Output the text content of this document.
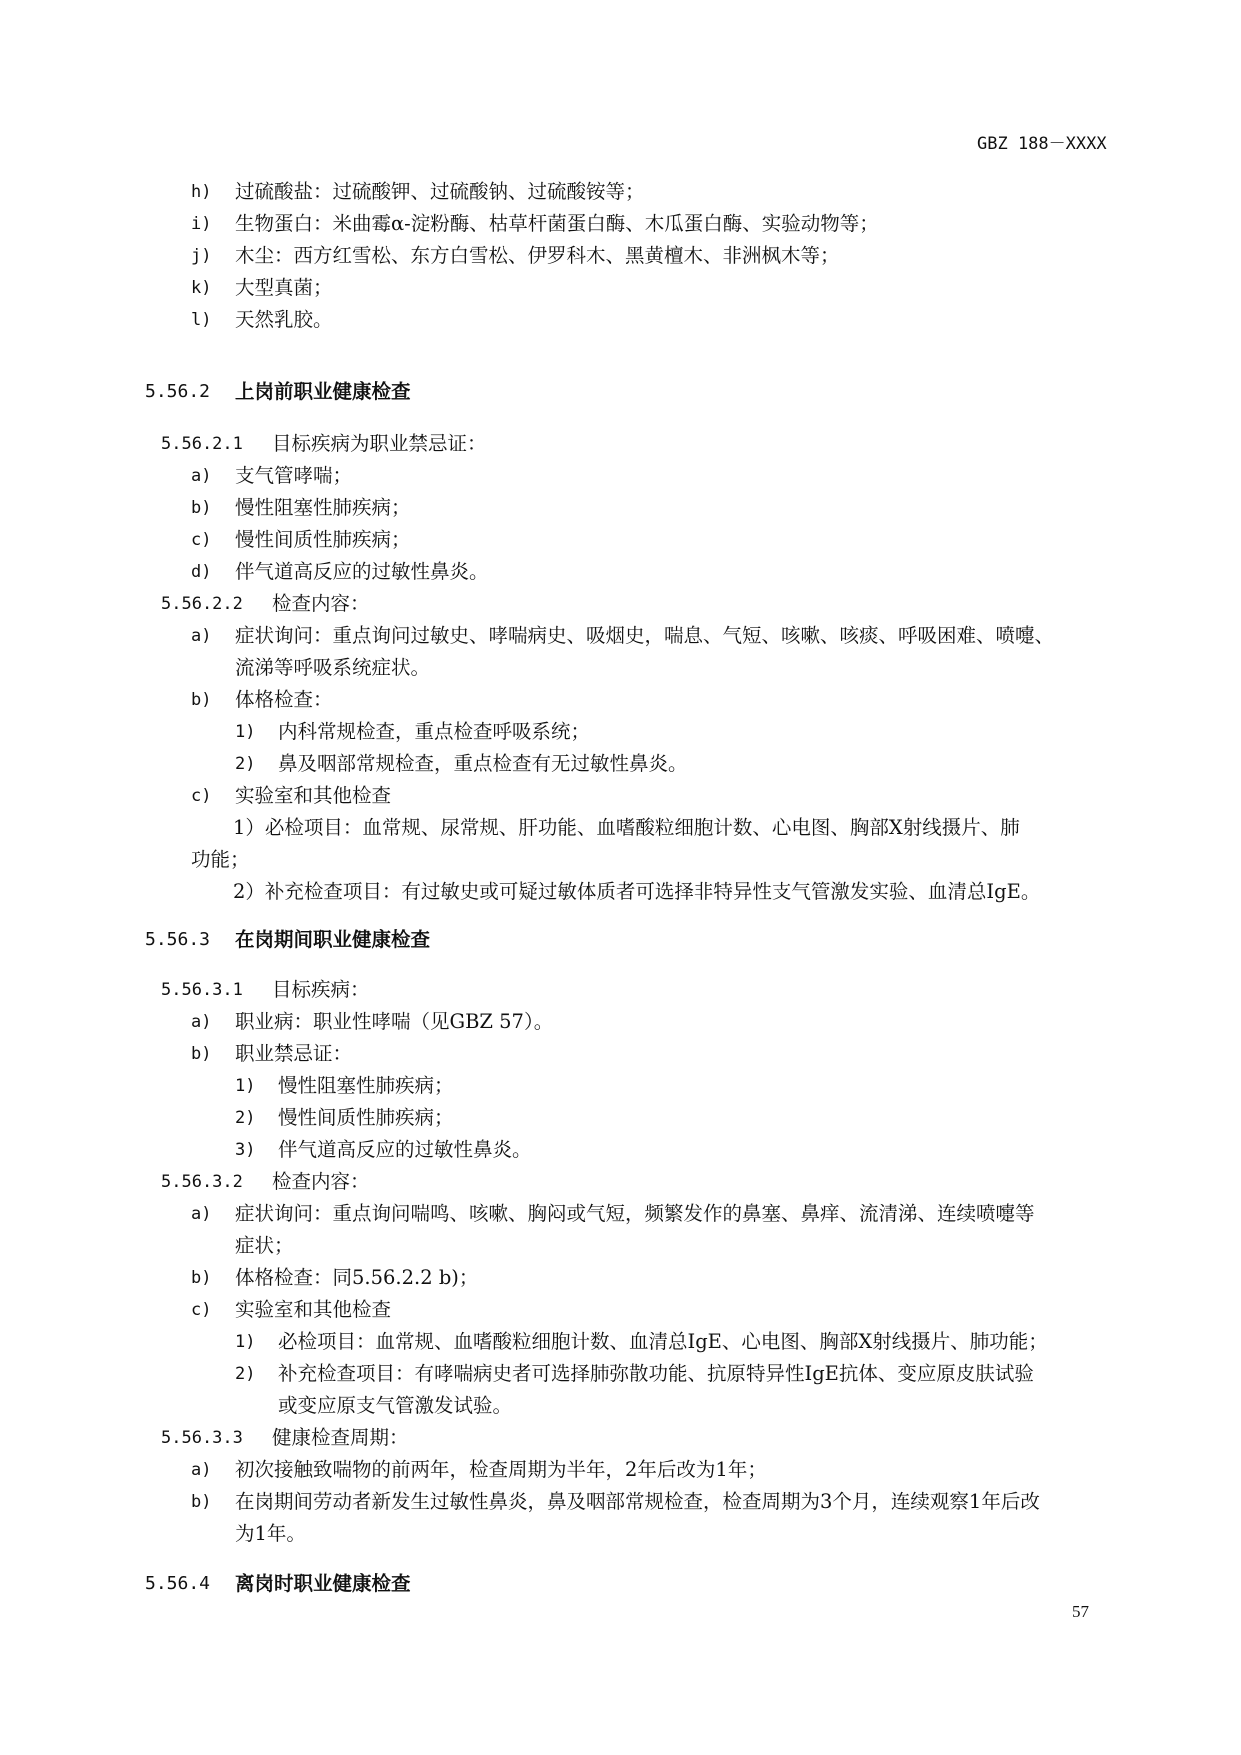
GBZ 188－XXXX
h) 过硫酸盐：过硫酸钾、过硫酸钠、过硫酸铵等；
i) 生物蛋白：米曲霉α-淀粉酶、枯草杆菌蛋白酶、木瓜蛋白酶、实验动物等；
j) 木尘：西方红雪松、东方白雪松、伊罗科木、黑黄檀木、非洲枫木等；
k) 大型真菌；
l) 天然乳胶。
5.56.2 上岗前职业健康检查
5.56.2.1 目标疾病为职业禁忌证：
a) 支气管哮喘；
b) 慢性阻塞性肺疾病；
c) 慢性间质性肺疾病；
d) 伴气道高反应的过敏性鼻炎。
5.56.2.2 检查内容：
a) 症状询问：重点询问过敏史、哮喘病史、吸烟史，喘息、气短、咳嗽、咳痰、呼吸困难、喷嚏、
流涕等呼吸系统症状。
b) 体格检查：
1) 内科常规检查，重点检查呼吸系统；
2) 鼻及咽部常规检查，重点检查有无过敏性鼻炎。
c) 实验室和其他检查
1）必检项目：血常规、尿常规、肝功能、血嗜酸粒细胞计数、心电图、胸部X射线摄片、肺
功能；
2）补充检查项目：有过敏史或可疑过敏体质者可选择非特异性支气管激发实验、血清总IgE。
5.56.3 在岗期间职业健康检查
5.56.3.1 目标疾病：
a) 职业病：职业性哮喘（见GBZ 57）。
b) 职业禁忌证：
1) 慢性阻塞性肺疾病；
2) 慢性间质性肺疾病；
3) 伴气道高反应的过敏性鼻炎。
5.56.3.2 检查内容：
a) 症状询问：重点询问喘鸣、咳嗽、胸闷或气短，频繁发作的鼻塞、鼻痒、流清涕、连续喷嚏等
症状；
b) 体格检查：同5.56.2.2 b)；
c) 实验室和其他检查
1) 必检项目：血常规、血嗜酸粒细胞计数、血清总IgE、心电图、胸部X射线摄片、肺功能；
2) 补充检查项目：有哮喘病史者可选择肺弥散功能、抗原特异性IgE抗体、变应原皮肤试验
或变应原支气管激发试验。
5.56.3.3 健康检查周期：
a) 初次接触致喘物的前两年，检查周期为半年，2年后改为1年；
b) 在岗期间劳动者新发生过敏性鼻炎，鼻及咽部常规检查，检查周期为3个月，连续观察1年后改
为1年。
5.56.4 离岗时职业健康检查
57
